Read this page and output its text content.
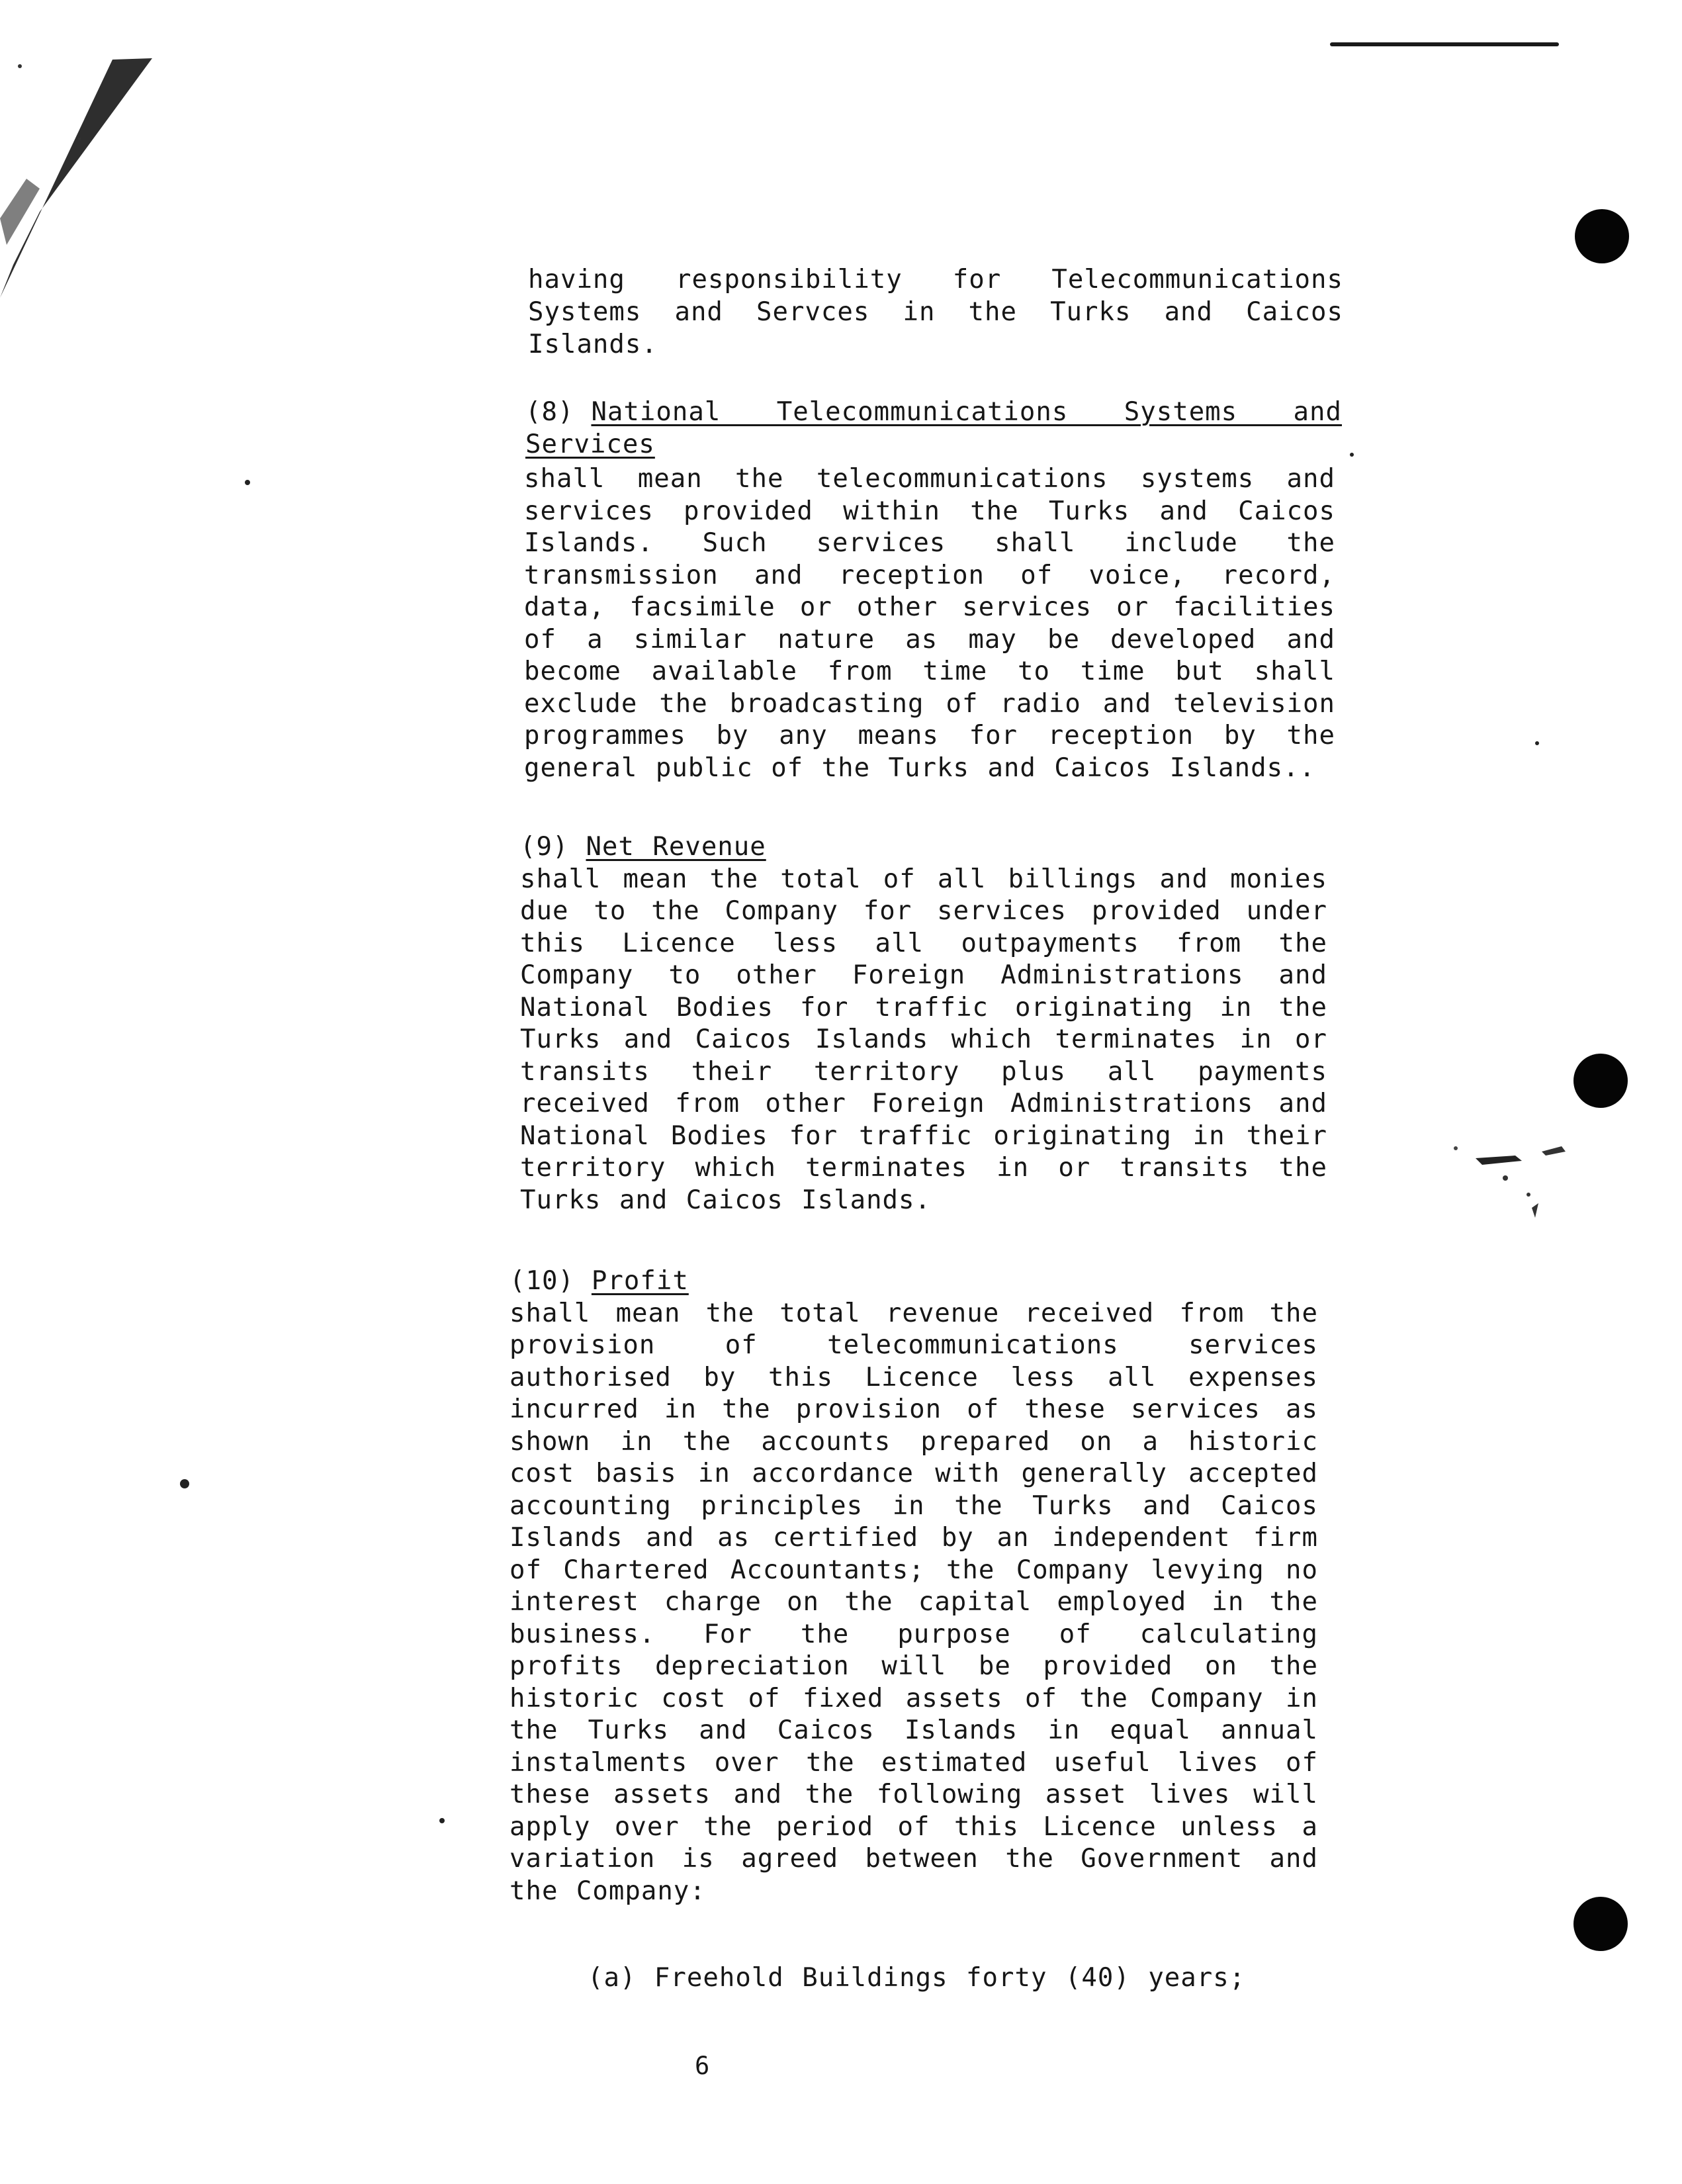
having responsibility for Telecommunications
Systems and Servces in the Turks and Caicos
Islands.
(8) National Telecommunications Systems and
Services
shall mean the telecommunications systems and
services provided within the Turks and Caicos
Islands. Such services shall include the
transmission and reception of voice, record,
data, facsimile or other services or facilities
of a similar nature as may be developed and
become available from time to time but shall
exclude the broadcasting of radio and television
programmes by any means for reception by the
general public of the Turks and Caicos Islands..
(9) Net Revenue
shall mean the total of all billings and monies
due to the Company for services provided under
this Licence less all outpayments from the
Company to other Foreign Administrations and
National Bodies for traffic originating in the
Turks and Caicos Islands which terminates in or
transits their territory plus all payments
received from other Foreign Administrations and
National Bodies for traffic originating in their
territory which terminates in or transits the
Turks and Caicos Islands.
(10) Profit
shall mean the total revenue received from the
provision of telecommunications services
authorised by this Licence less all expenses
incurred in the provision of these services as
shown in the accounts prepared on a historic
cost basis in accordance with generally accepted
accounting principles in the Turks and Caicos
Islands and as certified by an independent firm
of Chartered Accountants; the Company levying no
interest charge on the capital employed in the
business. For the purpose of calculating
profits depreciation will be provided on the
historic cost of fixed assets of the Company in
the Turks and Caicos Islands in equal annual
instalments over the estimated useful lives of
these assets and the following asset lives will
apply over the period of this Licence unless a
variation is agreed between the Government and
the Company:
(a) Freehold Buildings forty (40) years;
6
